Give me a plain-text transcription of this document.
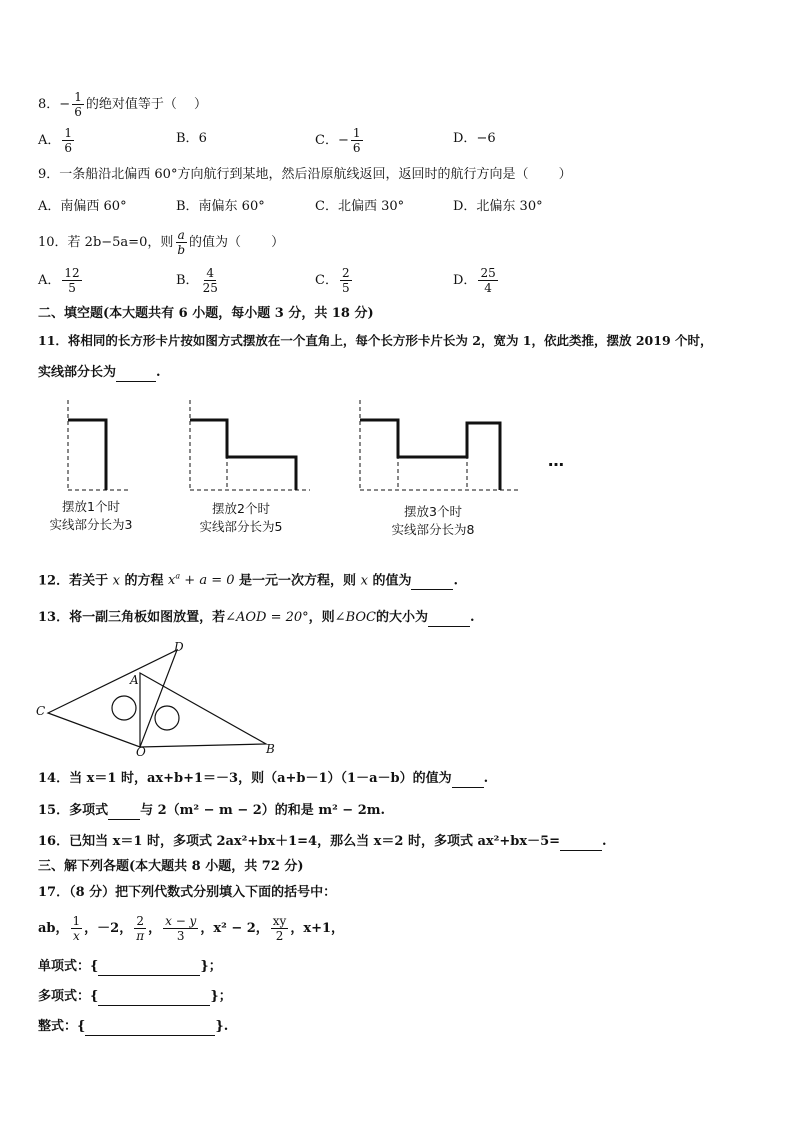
8．− $\frac{1}{6}$ 的绝对值等于（　 ）
A． $\frac{1}{6}$	B．6	C．− $\frac{1}{6}$	D．−6
9．一条船沿北偏西 60°方向航行到某地，然后沿原航线返回，返回时的航行方向是（　　 ）
A．南偏西 60°	B．南偏东 60°	C．北偏西 30°	D．北偏东 30°
10．若 2b−5a=0，则 $\frac{a}{b}$ 的值为（　　 ）
A． $\frac{12}{5}$	B． $\frac{4}{25}$	C． $\frac{2}{5}$	D． $\frac{25}{4}$
二、填空题(本大题共有 6 小题，每小题 3 分，共 18 分)
11．将相同的长方形卡片按如图方式摆放在一个直角上，每个长方形卡片长为 2，宽为 1，依此类推，摆放 2019 个时，
实线部分长为	.
…
摆放1个时
实线部分长为3
摆放2个时
实线部分长为5
摆放3个时
实线部分长为8
12．若关于 x 的方程 $x^a + a = 0$ 是一元一次方程，则 x 的值为	.
13．将一副三角板如图放置，若∠AOD = 20°，则∠BOC的大小为	.
C
A
D
O	B
14．当 x＝1 时，ax+b+1＝－3，则（a+b－1）（1－a－b）的值为 .
15．多项式 与 2（m² − m − 2）的和是 m² − 2m.
16．已知当 x＝1 时，多项式 2ax²+bx＋1=4，那么当 x＝2 时，多项式 ax²+bx－5=	.
三、解下列各题(本大题共 8 小题，共 72 分)
17．（8 分）把下列代数式分别填入下面的括号中：
ab， $\frac{1}{x}$ ，－2， $\frac{2}{\pi}$ ， $\frac{x - y}{3}$ ，x² − 2， $\frac{xy}{2}$ ，x+1，
单项式：{	}；
多项式：{	}；
整式：{	}.
